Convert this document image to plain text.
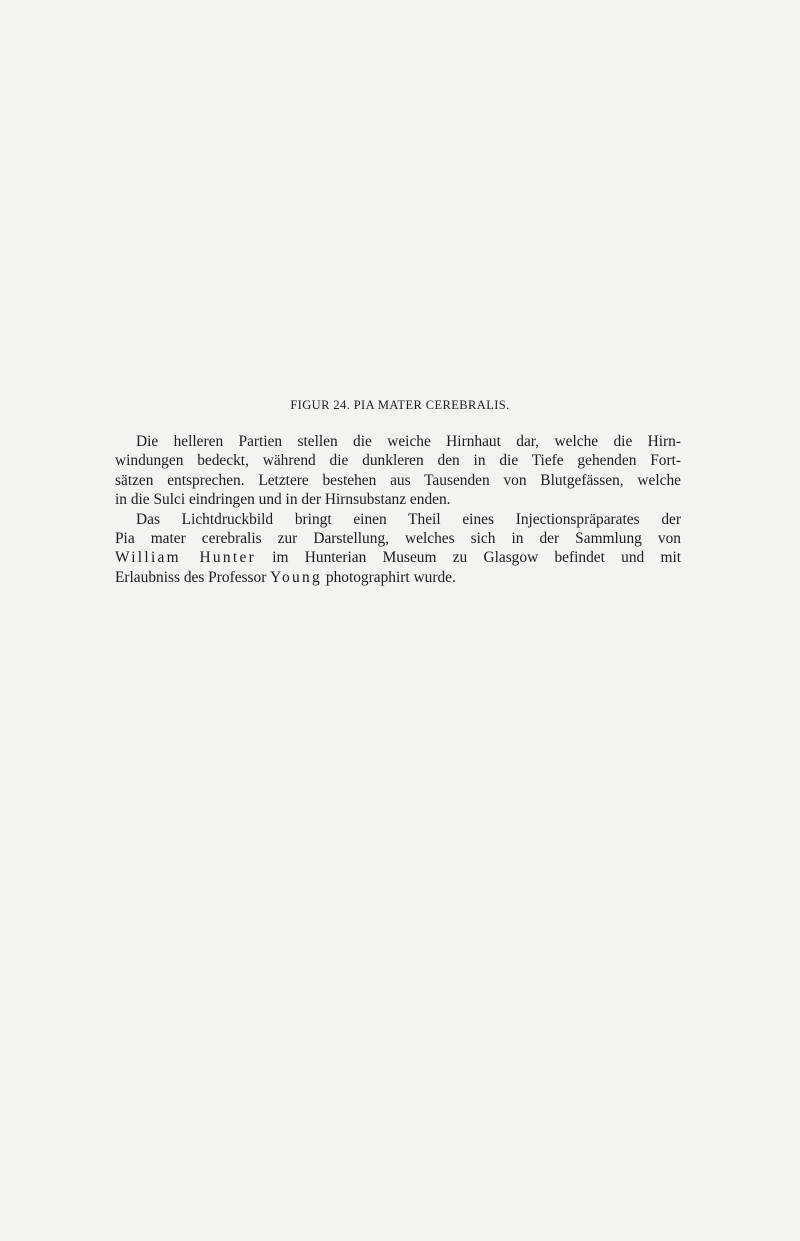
FIGUR 24. PIA MATER CEREBRALIS.
Die helleren Partien stellen die weiche Hirnhaut dar, welche die Hirn-
windungen bedeckt, während die dunkleren den in die Tiefe gehenden Fort-
sätzen entsprechen. Letztere bestehen aus Tausenden von Blutgefässen, welche
in die Sulci eindringen und in der Hirnsubstanz enden.
Das Lichtdruckbild bringt einen Theil eines Injectionspräparates der
Pia mater cerebralis zur Darstellung, welches sich in der Sammlung von
William Hunter im Hunterian Museum zu Glasgow befindet und mit
Erlaubniss des Professor Young photographirt wurde.
